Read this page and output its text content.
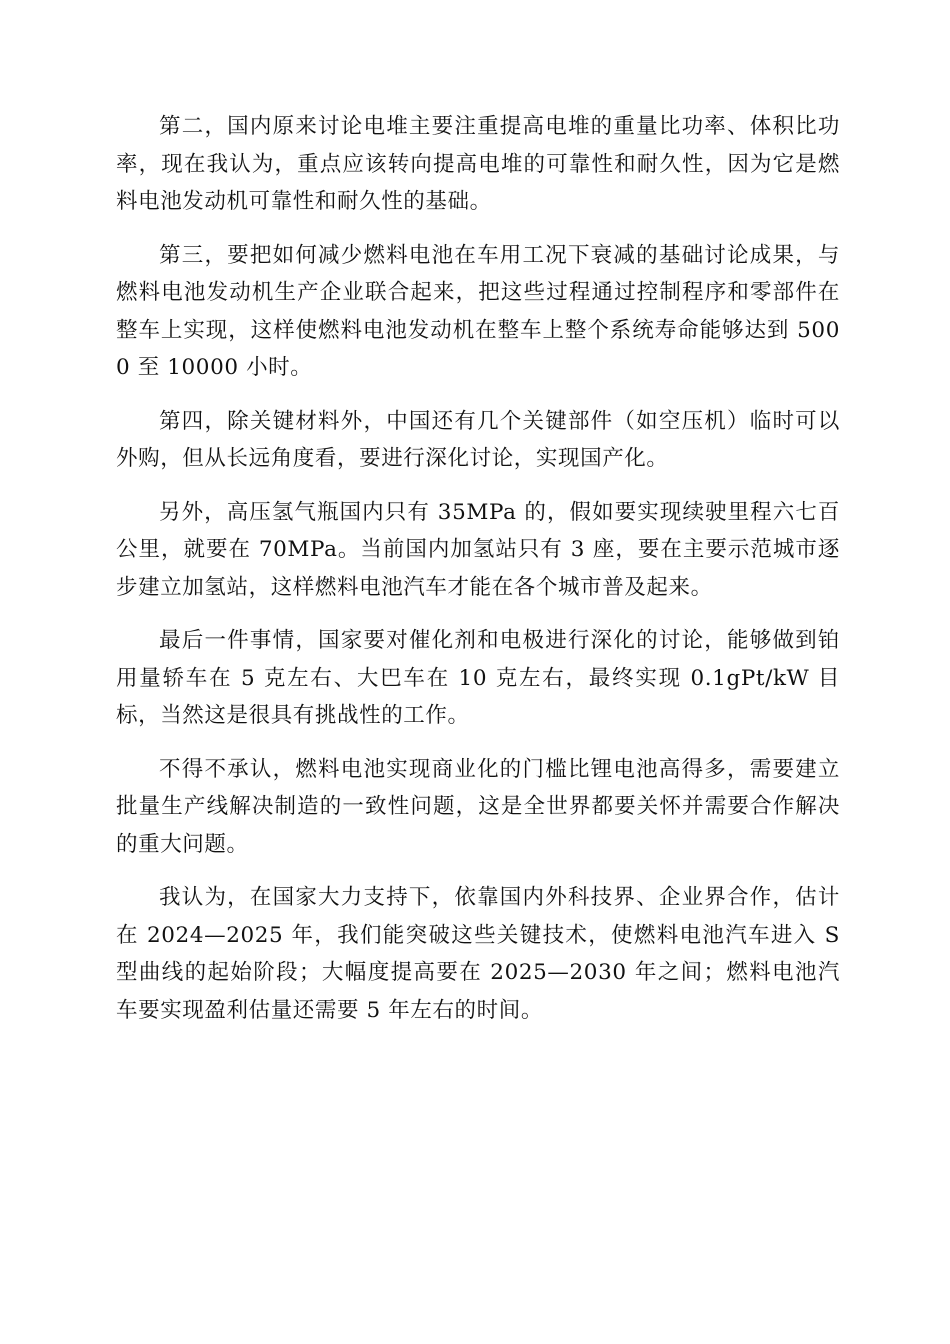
第二，国内原来讨论电堆主要注重提高电堆的重量比功率、体积比功率，现在我认为，重点应该转向提高电堆的可靠性和耐久性，因为它是燃料电池发动机可靠性和耐久性的基础。

第三，要把如何减少燃料电池在车用工况下衰减的基础讨论成果，与燃料电池发动机生产企业联合起来，把这些过程通过控制程序和零部件在整车上实现，这样使燃料电池发动机在整车上整个系统寿命能够达到 5000 至 10000 小时。

第四，除关键材料外，中国还有几个关键部件（如空压机）临时可以外购，但从长远角度看，要进行深化讨论，实现国产化。

另外，高压氢气瓶国内只有 35MPa 的，假如要实现续驶里程六七百公里，就要在 70MPa。当前国内加氢站只有 3 座，要在主要示范城市逐步建立加氢站，这样燃料电池汽车才能在各个城市普及起来。

最后一件事情，国家要对催化剂和电极进行深化的讨论，能够做到铂用量轿车在 5 克左右、大巴车在 10 克左右，最终实现 0.1gPt/kW 目标，当然这是很具有挑战性的工作。

不得不承认，燃料电池实现商业化的门槛比锂电池高得多，需要建立批量生产线解决制造的一致性问题，这是全世界都要关怀并需要合作解决的重大问题。

我认为，在国家大力支持下，依靠国内外科技界、企业界合作，估计在 2024—2025 年，我们能突破这些关键技术，使燃料电池汽车进入 S 型曲线的起始阶段；大幅度提高要在 2025—2030 年之间；燃料电池汽车要实现盈利估量还需要 5 年左右的时间。
